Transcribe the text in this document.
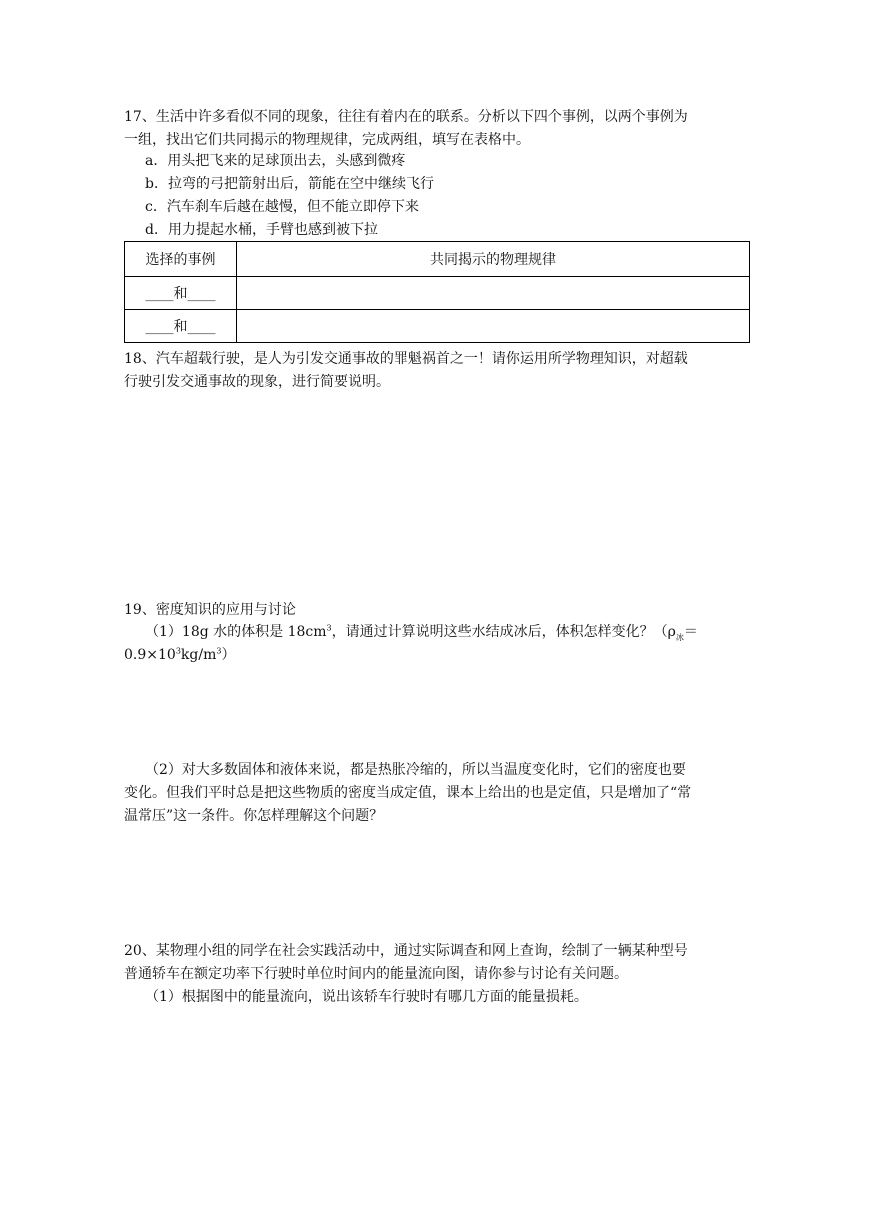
17、生活中许多看似不同的现象，往往有着内在的联系。分析以下四个事例，以两个事例为
一组，找出它们共同揭示的物理规律，完成两组，填写在表格中。
a．用头把飞来的足球顶出去，头感到微疼
b．拉弯的弓把箭射出后，箭能在空中继续飞行
c．汽车刹车后越在越慢，但不能立即停下来
d．用力提起水桶，手臂也感到被下拉
选择的事例	共同揭示的物理规律
____和____	
____和____	
18、汽车超载行驶，是人为引发交通事故的罪魁祸首之一！请你运用所学物理知识，对超载
行驶引发交通事故的现象，进行简要说明。
19、密度知识的应用与讨论
（1）18g 水的体积是 $18cm^3$，请通过计算说明这些水结成冰后，体积怎样变化？（$\rho_冰=$
$0.9\times 10^3kg/m^3$）
（2）对大多数固体和液体来说，都是热胀冷缩的，所以当温度变化时，它们的密度也要
变化。但我们平时总是把这些物质的密度当成定值，课本上给出的也是定值，只是增加了“常
温常压”这一条件。你怎样理解这个问题？
20、某物理小组的同学在社会实践活动中，通过实际调查和网上查询，绘制了一辆某种型号
普通轿车在额定功率下行驶时单位时间内的能量流向图，请你参与讨论有关问题。
（1）根据图中的能量流向，说出该轿车行驶时有哪几方面的能量损耗。
